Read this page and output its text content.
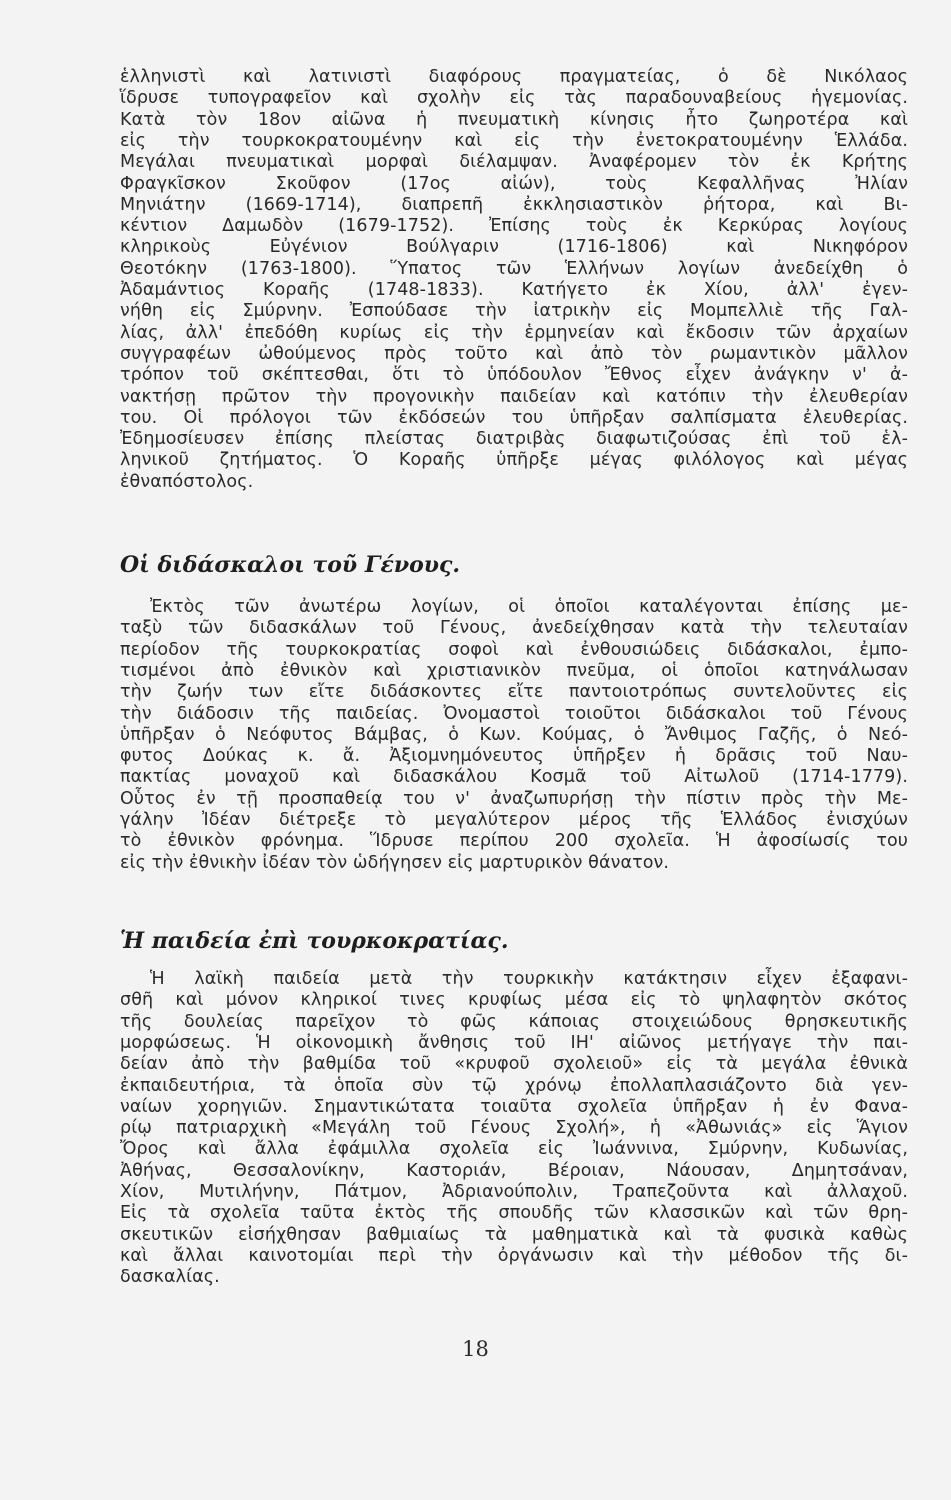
ἑλληνιστὶ καὶ λατινιστὶ διαφόρους πραγματείας, ὁ δὲ Νικόλαος
ἵδρυσε τυπογραφεῖον καὶ σχολὴν εἰς τὰς παραδουναβείους ἡγεμονίας.
Κατὰ τὸν 18ον αἰῶνα ἡ πνευματικὴ κίνησις ἦτο ζωηροτέρα καὶ
εἰς τὴν τουρκοκρατουμένην καὶ εἰς τὴν ἐνετοκρατουμένην Ἑλλάδα.
Μεγάλαι πνευματικαὶ μορφαὶ διέλαμψαν. Ἀναφέρομεν τὸν ἐκ Κρήτης
Φραγκῖσκον Σκοῦφον (17ος αἰών), τοὺς Κεφαλλῆνας Ἠλίαν
Μηνιάτην (1669-1714), διαπρεπῆ ἐκκλησιαστικὸν ῥήτορα, καὶ Βι-
κέντιον Δαμωδὸν (1679-1752). Ἐπίσης τοὺς ἐκ Κερκύρας λογίους
κληρικοὺς Εὐγένιον Βούλγαριν (1716-1806) καὶ Νικηφόρον
Θεοτόκην (1763-1800). Ὕπατος τῶν Ἑλλήνων λογίων ἀνεδείχθη ὁ
Ἀδαμάντιος Κοραῆς (1748-1833). Κατήγετο ἐκ Χίου, ἀλλ' ἐγεν-
νήθη εἰς Σμύρνην. Ἐσπούδασε τὴν ἰατρικὴν εἰς Μομπελλιὲ τῆς Γαλ-
λίας, ἀλλ' ἐπεδόθη κυρίως εἰς τὴν ἑρμηνείαν καὶ ἔκδοσιν τῶν ἀρχαίων
συγγραφέων ὠθούμενος πρὸς τοῦτο καὶ ἀπὸ τὸν ρωμαντικὸν μᾶλλον
τρόπον τοῦ σκέπτεσθαι, ὅτι τὸ ὑπόδουλον Ἔθνος εἶχεν ἀνάγκην ν' ἀ-
νακτήσῃ πρῶτον τὴν προγονικὴν παιδείαν καὶ κατόπιν τὴν ἐλευθερίαν
του. Οἱ πρόλογοι τῶν ἐκδόσεών του ὑπῆρξαν σαλπίσματα ἐλευθερίας.
Ἐδημοσίευσεν ἐπίσης πλείστας διατριβὰς διαφωτιζούσας ἐπὶ τοῦ ἑλ-
ληνικοῦ ζητήματος. Ὁ Κοραῆς ὑπῆρξε μέγας φιλόλογος καὶ μέγας
ἐθναπόστολος.
Οἱ διδάσκαλοι τοῦ Γένους.
Ἐκτὸς τῶν ἀνωτέρω λογίων, οἱ ὁποῖοι καταλέγονται ἐπίσης με-
ταξὺ τῶν διδασκάλων τοῦ Γένους, ἀνεδείχθησαν κατὰ τὴν τελευταίαν
περίοδον τῆς τουρκοκρατίας σοφοὶ καὶ ἐνθουσιώδεις διδάσκαλοι, ἐμπο-
τισμένοι ἀπὸ ἐθνικὸν καὶ χριστιανικὸν πνεῦμα, οἱ ὁποῖοι κατηνάλωσαν
τὴν ζωήν των εἴτε διδάσκοντες εἴτε παντοιοτρόπως συντελοῦντες εἰς
τὴν διάδοσιν τῆς παιδείας. Ὀνομαστοὶ τοιοῦτοι διδάσκαλοι τοῦ Γένους
ὑπῆρξαν ὁ Νεόφυτος Βάμβας, ὁ Κων. Κούμας, ὁ Ἄνθιμος Γαζῆς, ὁ Νεό-
φυτος Δούκας κ. ἄ. Ἀξιομνημόνευτος ὑπῆρξεν ἡ δρᾶσις τοῦ Ναυ-
πακτίας μοναχοῦ καὶ διδασκάλου Κοσμᾶ τοῦ Αἰτωλοῦ (1714-1779).
Οὗτος ἐν τῇ προσπαθείᾳ του ν' ἀναζωπυρήσῃ τὴν πίστιν πρὸς τὴν Με-
γάλην Ἰδέαν διέτρεξε τὸ μεγαλύτερον μέρος τῆς Ἑλλάδος ἐνισχύων
τὸ ἐθνικὸν φρόνημα. Ἵδρυσε περίπου 200 σχολεῖα. Ἡ ἀφοσίωσίς του
εἰς τὴν ἐθνικὴν ἰδέαν τὸν ὡδήγησεν εἰς μαρτυρικὸν θάνατον.
Ἡ παιδεία ἐπὶ τουρκοκρατίας.
Ἡ λαϊκὴ παιδεία μετὰ τὴν τουρκικὴν κατάκτησιν εἶχεν ἐξαφανι-
σθῆ καὶ μόνον κληρικοί τινες κρυφίως μέσα εἰς τὸ ψηλαφητὸν σκότος
τῆς δουλείας παρεῖχον τὸ φῶς κάποιας στοιχειώδους θρησκευτικῆς
μορφώσεως. Ἡ οἰκονομικὴ ἄνθησις τοῦ ΙΗ' αἰῶνος μετήγαγε τὴν παι-
δείαν ἀπὸ τὴν βαθμίδα τοῦ «κρυφοῦ σχολειοῦ» εἰς τὰ μεγάλα ἐθνικὰ
ἐκπαιδευτήρια, τὰ ὁποῖα σὺν τῷ χρόνῳ ἐπολλαπλασιάζοντο διὰ γεν-
ναίων χορηγιῶν. Σημαντικώτατα τοιαῦτα σχολεῖα ὑπῆρξαν ἡ ἐν Φανα-
ρίῳ πατριαρχικὴ «Μεγάλη τοῦ Γένους Σχολή», ἡ «Ἀθωνιάς» εἰς Ἅγιον
Ὄρος καὶ ἄλλα ἐφάμιλλα σχολεῖα εἰς Ἰωάννινα, Σμύρνην, Κυδωνίας,
Ἀθήνας, Θεσσαλονίκην, Καστοριάν, Βέροιαν, Νάουσαν, Δημητσάναν,
Χίον, Μυτιλήνην, Πάτμον, Ἀδριανούπολιν, Τραπεζοῦντα καὶ ἀλλαχοῦ.
Εἰς τὰ σχολεῖα ταῦτα ἐκτὸς τῆς σπουδῆς τῶν κλασσικῶν καὶ τῶν θρη-
σκευτικῶν εἰσήχθησαν βαθμιαίως τὰ μαθηματικὰ καὶ τὰ φυσικὰ καθὼς
καὶ ἄλλαι καινοτομίαι περὶ τὴν ὀργάνωσιν καὶ τὴν μέθοδον τῆς δι-
δασκαλίας.
18
